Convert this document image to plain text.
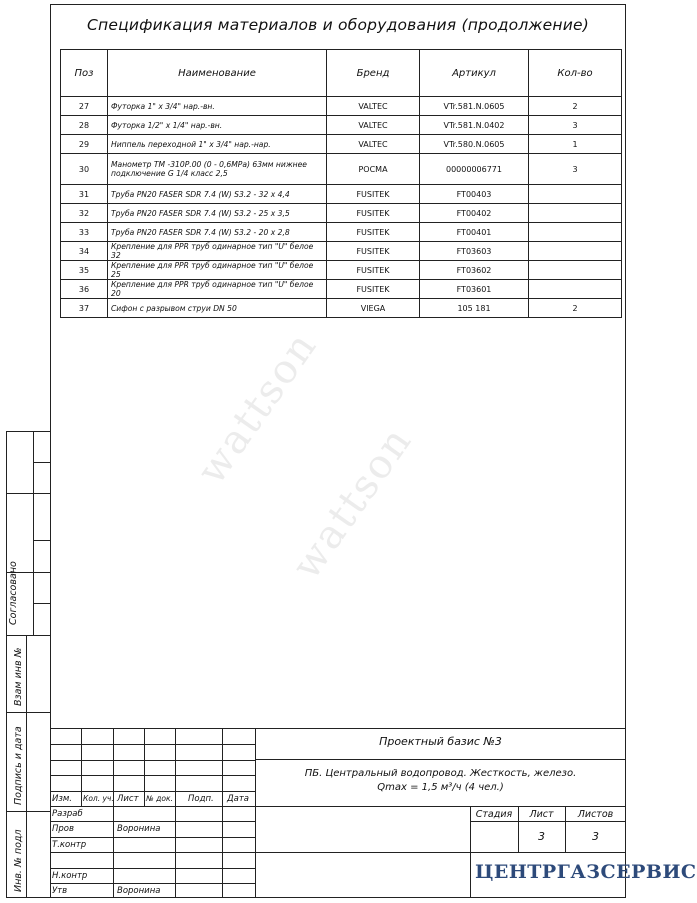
Спецификация материалов и оборудования (продолжение)
wattson
wattson
Поз	Наименование	Бренд	Артикул	Кол-во
27	Футорка 1" x 3/4" нар.-вн.	VALTEC	VTr.581.N.0605	2
28	Футорка 1/2" x 1/4" нар.-вн.	VALTEC	VTr.581.N.0402	3
29	Ниппель переходной 1" x 3/4" нар.-нар.	VALTEC	VTr.580.N.0605	1
30	Манометр ТМ -310Р.00 (0 - 0,6МРа) 63мм нижнее подключение G 1/4 класс 2,5	РОСМА	00000006771	3
31	Труба PN20 FASER SDR 7.4 (W) S3.2 - 32 x 4,4	FUSITEK	FT00403	
32	Труба PN20 FASER SDR 7.4 (W) S3.2 - 25 x 3,5	FUSITEK	FT00402	
33	Труба PN20 FASER SDR 7.4 (W) S3.2 - 20 x 2,8	FUSITEK	FT00401	
34	Крепление для PPR труб одинарное тип "U" белое 32	FUSITEK	FT03603	
35	Крепление для PPR труб одинарное тип "U" белое 25	FUSITEK	FT03602	
36	Крепление для PPR труб одинарное тип "U" белое 20	FUSITEK	FT03601	
37	Сифон с разрывом струи DN 50	VIEGA	105 181	2
Согласовано
Взам инв №
Подпись и дата
Инв. № подл
Проектный базис №3
ПБ. Центральный водопровод. Жесткость, железо.
Qmax = 1,5 м³/ч (4 чел.)
Изм. Кол. уч. Лист № док. Подп. Дата
Разраб
Пров	Воронина
Т.контр
Н.контр
Утв	Воронина
Стадия	Лист	Листов
3	3
ЦЕНТРГАЗСЕРВИС
